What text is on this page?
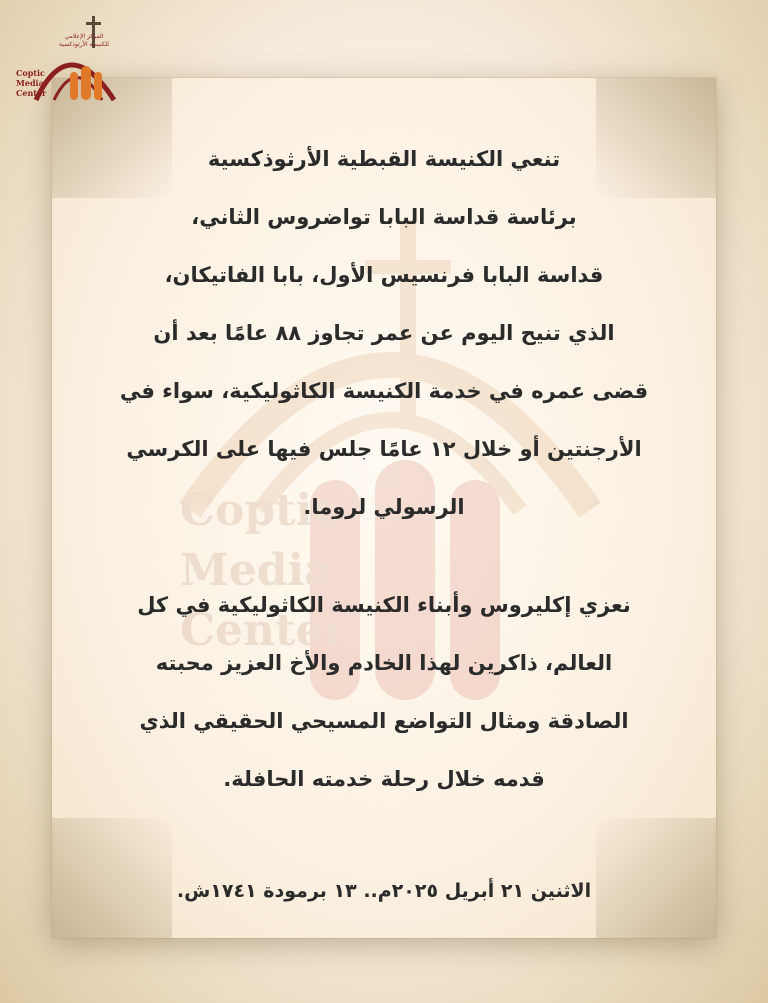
Coptic
Media
Center
المركز الإعلامي
للكنيسة الأرثوذكسية
Coptic
Media
Center
تنعي الكنيسة القبطية الأرثوذكسية
برئاسة قداسة البابا تواضروس الثاني،
قداسة البابا فرنسيس الأول، بابا الفاتيكان،
الذي تنيح اليوم عن عمر تجاوز ٨٨ عامًا بعد أن
قضى عمره في خدمة الكنيسة الكاثوليكية، سواء في
الأرجنتين أو خلال ١٢ عامًا جلس فيها على الكرسي
الرسولي لروما.
نعزي إكليروس وأبناء الكنيسة الكاثوليكية في كل
العالم، ذاكرين لهذا الخادم والأخ العزيز محبته
الصادقة ومثال التواضع المسيحي الحقيقي الذي
قدمه خلال رحلة خدمته الحافلة.
الاثنين ٢١ أبريل ٢٠٢٥م.. ١٣ برمودة ١٧٤١ش.
